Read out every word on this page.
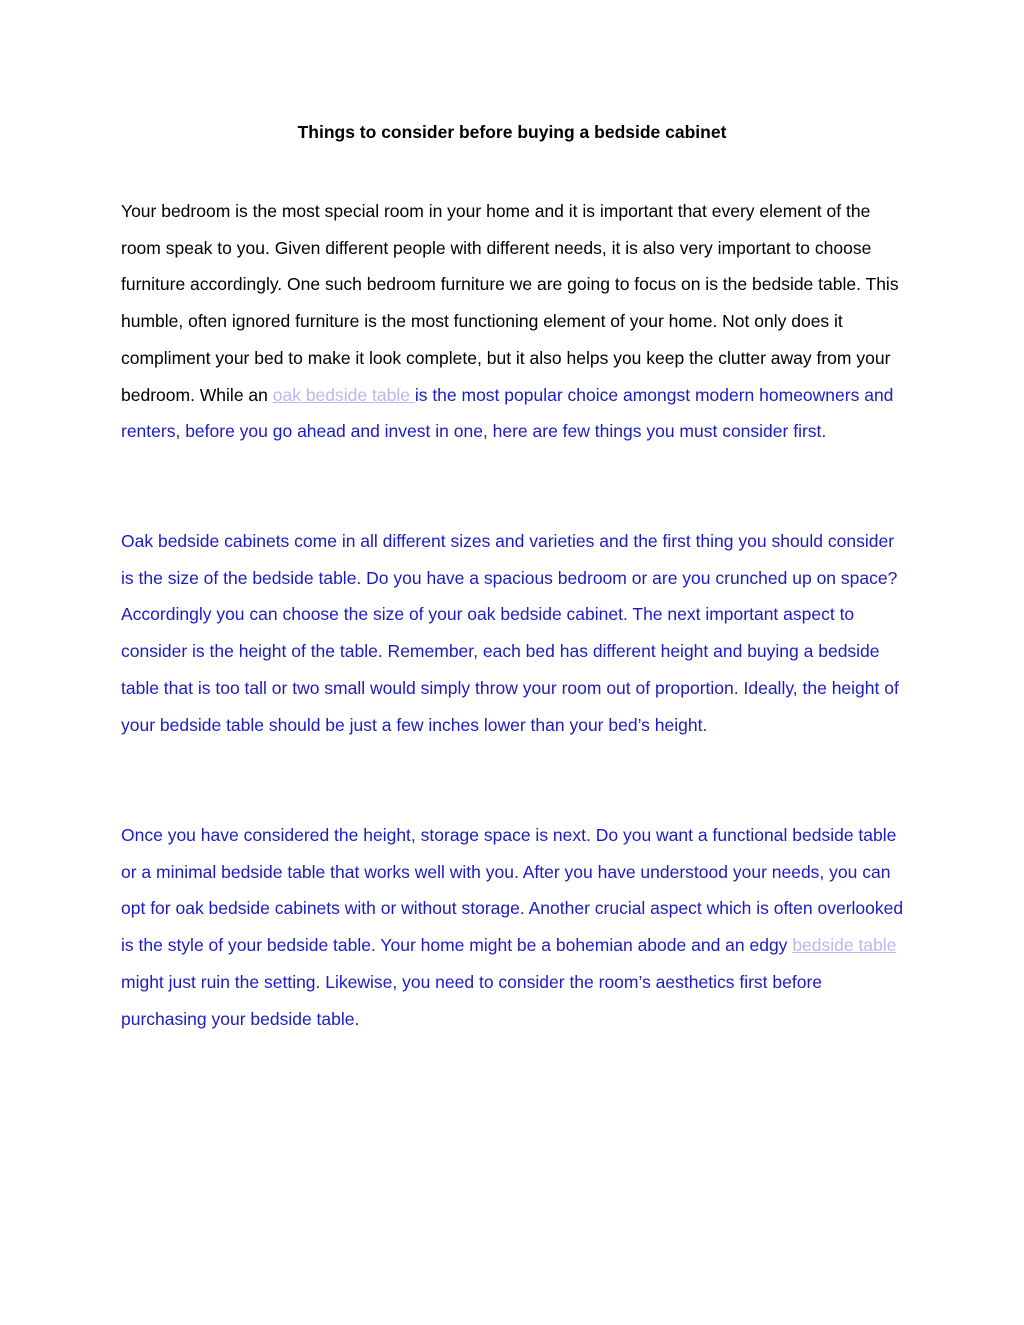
Things to consider before buying a bedside cabinet

Your bedroom is the most special room in your home and it is important that every element of the room speak to you. Given different people with different needs, it is also very important to choose furniture accordingly. One such bedroom furniture we are going to focus on is the bedside table. This humble, often ignored furniture is the most functioning element of your home. Not only does it compliment your bed to make it look complete, but it also helps you keep the clutter away from your bedroom. While an oak bedside table is the most popular choice amongst modern homeowners and renters, before you go ahead and invest in one, here are few things you must consider first.

Oak bedside cabinets come in all different sizes and varieties and the first thing you should consider is the size of the bedside table. Do you have a spacious bedroom or are you crunched up on space? Accordingly you can choose the size of your oak bedside cabinet. The next important aspect to consider is the height of the table. Remember, each bed has different height and buying a bedside table that is too tall or two small would simply throw your room out of proportion. Ideally, the height of your bedside table should be just a few inches lower than your bed’s height.

Once you have considered the height, storage space is next. Do you want a functional bedside table or a minimal bedside table that works well with you. After you have understood your needs, you can opt for oak bedside cabinets with or without storage. Another crucial aspect which is often overlooked is the style of your bedside table. Your home might be a bohemian abode and an edgy bedside table might just ruin the setting. Likewise, you need to consider the room’s aesthetics first before purchasing your bedside table.
